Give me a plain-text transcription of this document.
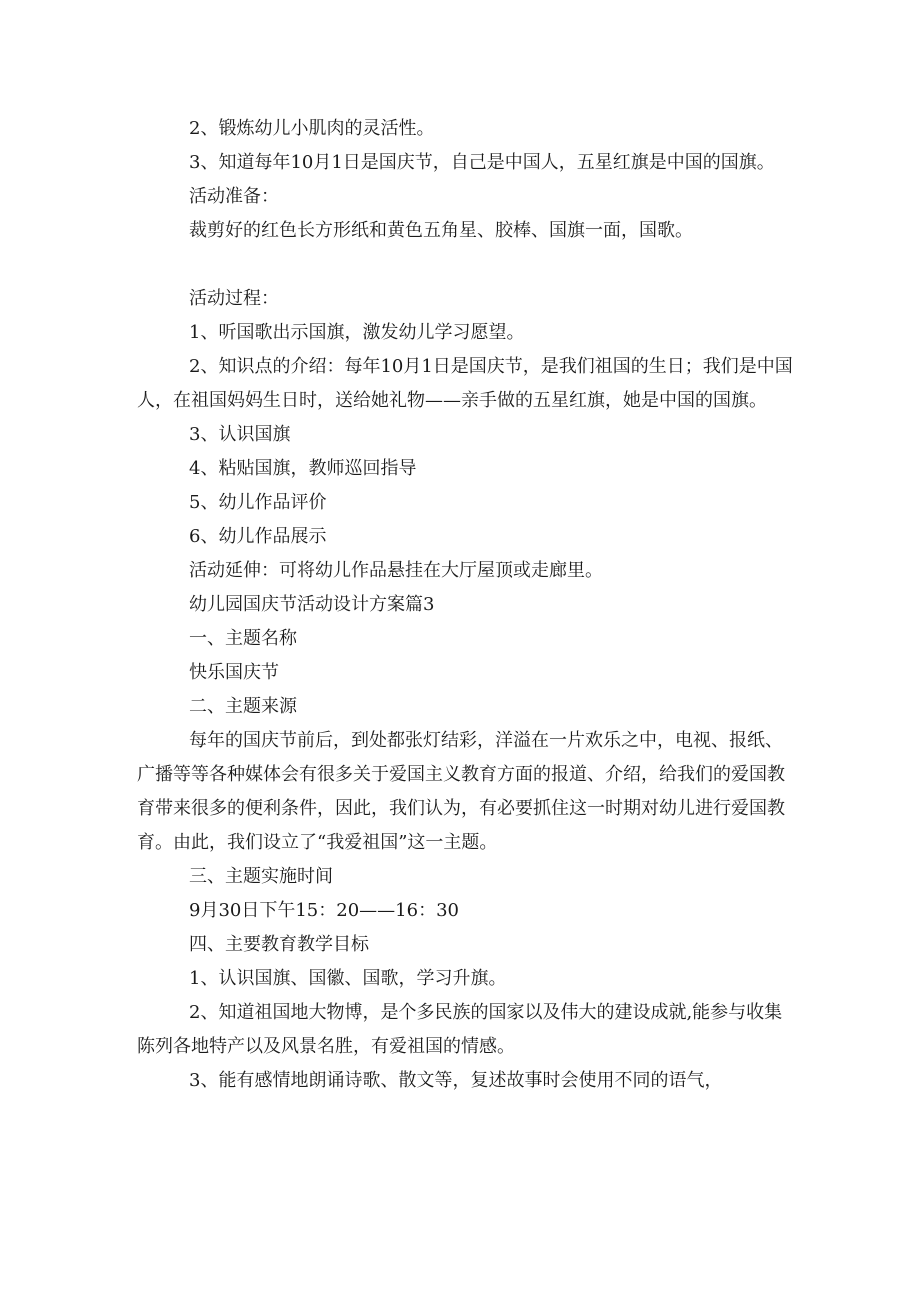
2、锻炼幼儿小肌肉的灵活性。

3、知道每年10月1日是国庆节，自己是中国人，五星红旗是中国的国旗。

活动准备：

裁剪好的红色长方形纸和黄色五角星、胶棒、国旗一面，国歌。

活动过程：

1、听国歌出示国旗，激发幼儿学习愿望。

2、知识点的介绍：每年10月1日是国庆节，是我们祖国的生日；我们是中国人，在祖国妈妈生日时，送给她礼物——亲手做的五星红旗，她是中国的国旗。

3、认识国旗

4、粘贴国旗，教师巡回指导

5、幼儿作品评价

6、幼儿作品展示

活动延伸：可将幼儿作品悬挂在大厅屋顶或走廊里。

幼儿园国庆节活动设计方案篇3

一、主题名称

快乐国庆节

二、主题来源

每年的国庆节前后，到处都张灯结彩，洋溢在一片欢乐之中，电视、报纸、广播等等各种媒体会有很多关于爱国主义教育方面的报道、介绍，给我们的爱国教育带来很多的便利条件，因此，我们认为，有必要抓住这一时期对幼儿进行爱国教育。由此，我们设立了“我爱祖国”这一主题。

三、主题实施时间

9月30日下午15：20——16：30

四、主要教育教学目标

1、认识国旗、国徽、国歌，学习升旗。

2、知道祖国地大物博，是个多民族的国家以及伟大的建设成就,能参与收集陈列各地特产以及风景名胜，有爱祖国的情感。

3、能有感情地朗诵诗歌、散文等，复述故事时会使用不同的语气，
